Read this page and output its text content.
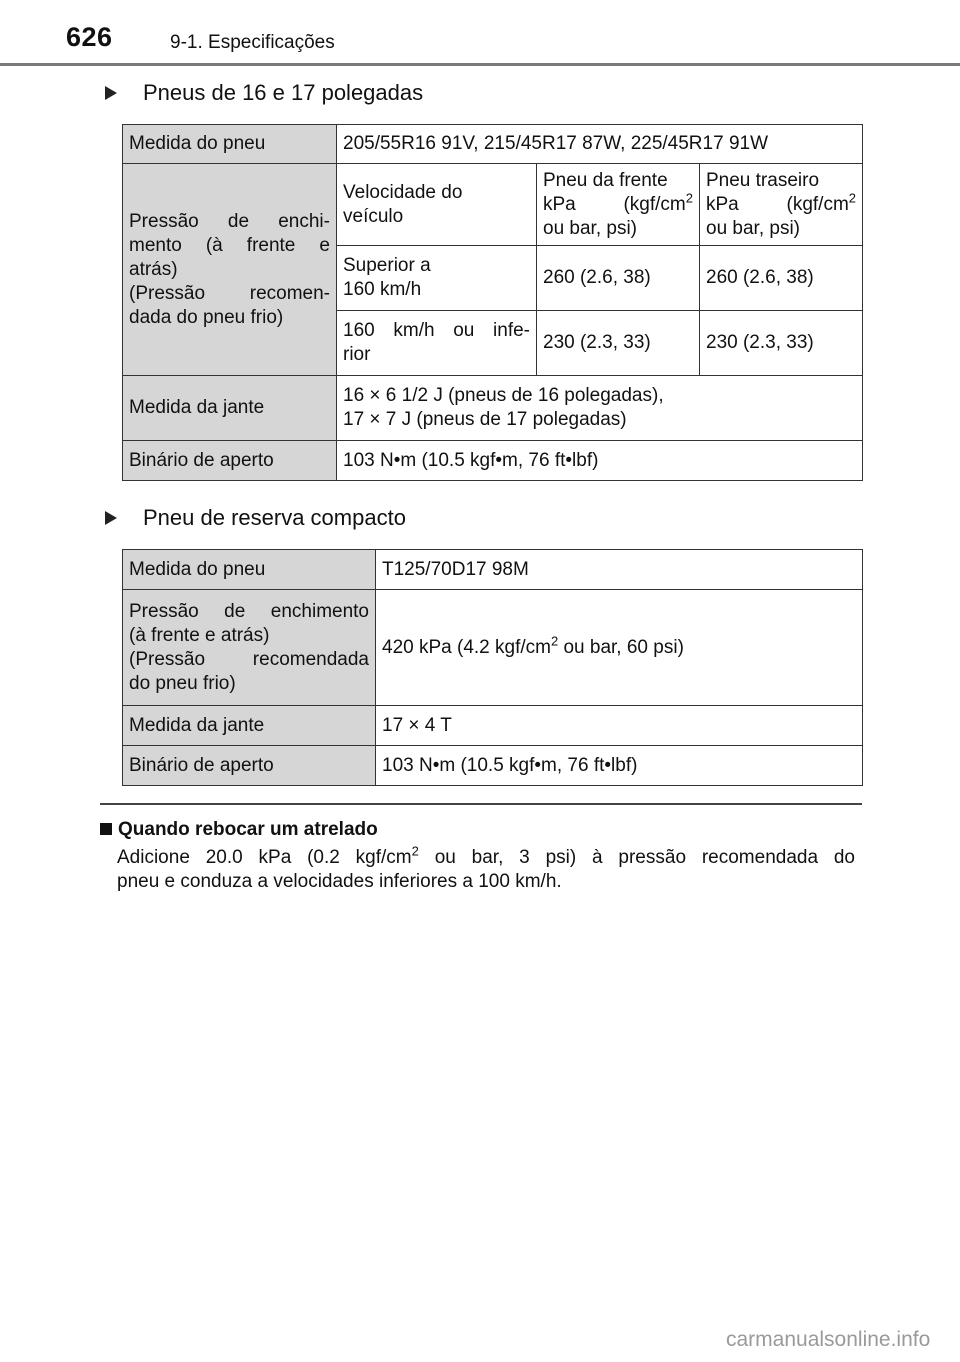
626	9-1. Especificações
Pneus de 16 e 17 polegadas
Medida do pneu	205/55R16 91V, 215/45R17 87W, 225/45R17 91W		

Pressão de enchi-
mento (à frente e
atrás)
(Pressão recomen-
dada do pneu frio)	Velocidade do
veículo	Pneu da frente
kPa ($kgf/cm^2$
ou bar, psi)	Pneu traseiro
kPa ($kgf/cm^2$
ou bar, psi)

	Superior a
160 km/h	260 (2.6, 38)	260 (2.6, 38)

	160 km/h ou infe-
rior	230 (2.3, 33)	230 (2.3, 33)
Medida da jante	16 × 6 1/2 J (pneus de 16 polegadas),
17 × 7 J (pneus de 17 polegadas)		

Binário de aperto	103 N•m (10.5 kgf•m, 76 ft•lbf)		
Pneu de reserva compacto
Medida do pneu	T125/70D17 98M

Pressão de enchimento
(à frente e atrás)
(Pressão recomendada
do pneu frio)	420 kPa (4.2 kgf/$cm^2$ ou bar, 60 psi)
Medida da jante	17 × 4 T
Binário de aperto	103 N•m (10.5 kgf•m, 76 ft•lbf)
Quando rebocar um atrelado
Adicione 20.0 kPa (0.2 kgf/$cm^2$ ou bar, 3 psi) à pressão recomendada do
pneu e conduza a velocidades inferiores a 100 km/h.
carmanualsonline.info
